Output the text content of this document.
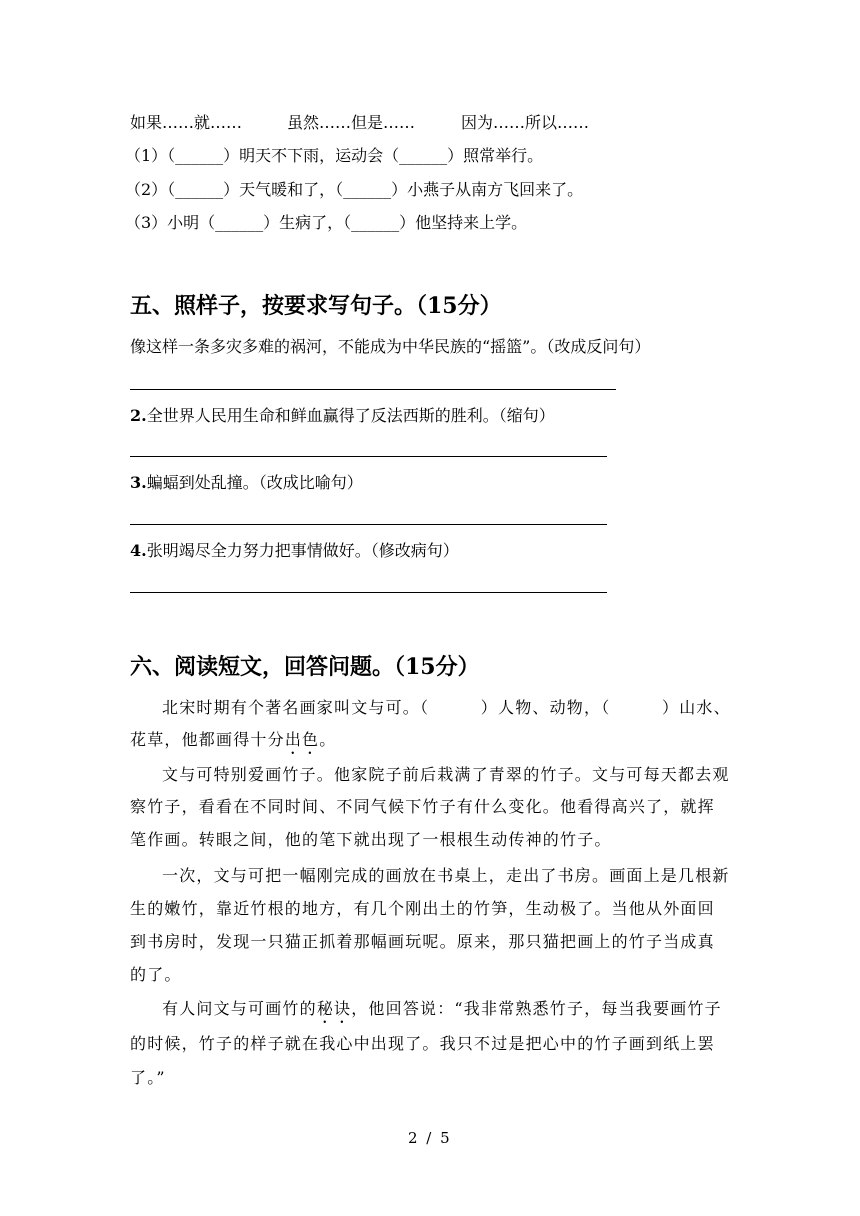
如果……就……	虽然……但是……	因为……所以……
（1）（______）明天不下雨，运动会（______）照常举行。
（2）（______）天气暖和了，（______）小燕子从南方飞回来了。
（3）小明（______）生病了，（______）他坚持来上学。
五、照样子，按要求写句子。（15分）
像这样一条多灾多难的祸河，不能成为中华民族的“摇篮”。（改成反问句）
2.全世界人民用生命和鲜血赢得了反法西斯的胜利。（缩句）
3.蝙蝠到处乱撞。（改成比喻句）
4.张明竭尽全力努力把事情做好。（修改病句）
六、阅读短文，回答问题。（15分）
北宋时期有个著名画家叫文与可。（　　　）人物、动物，（　　　）山水、
花草，他都画得十分出色。
文与可特别爱画竹子。他家院子前后栽满了青翠的竹子。文与可每天都去观
察竹子，看看在不同时间、不同气候下竹子有什么变化。他看得高兴了，就挥
笔作画。转眼之间，他的笔下就出现了一根根生动传神的竹子。
一次，文与可把一幅刚完成的画放在书桌上，走出了书房。画面上是几根新
生的嫩竹，靠近竹根的地方，有几个刚出土的竹笋，生动极了。当他从外面回
到书房时，发现一只猫正抓着那幅画玩呢。原来，那只猫把画上的竹子当成真
的了。
有人问文与可画竹的秘诀，他回答说：“我非常熟悉竹子，每当我要画竹子
的时候，竹子的样子就在我心中出现了。我只不过是把心中的竹子画到纸上罢
了。”
2 / 5
